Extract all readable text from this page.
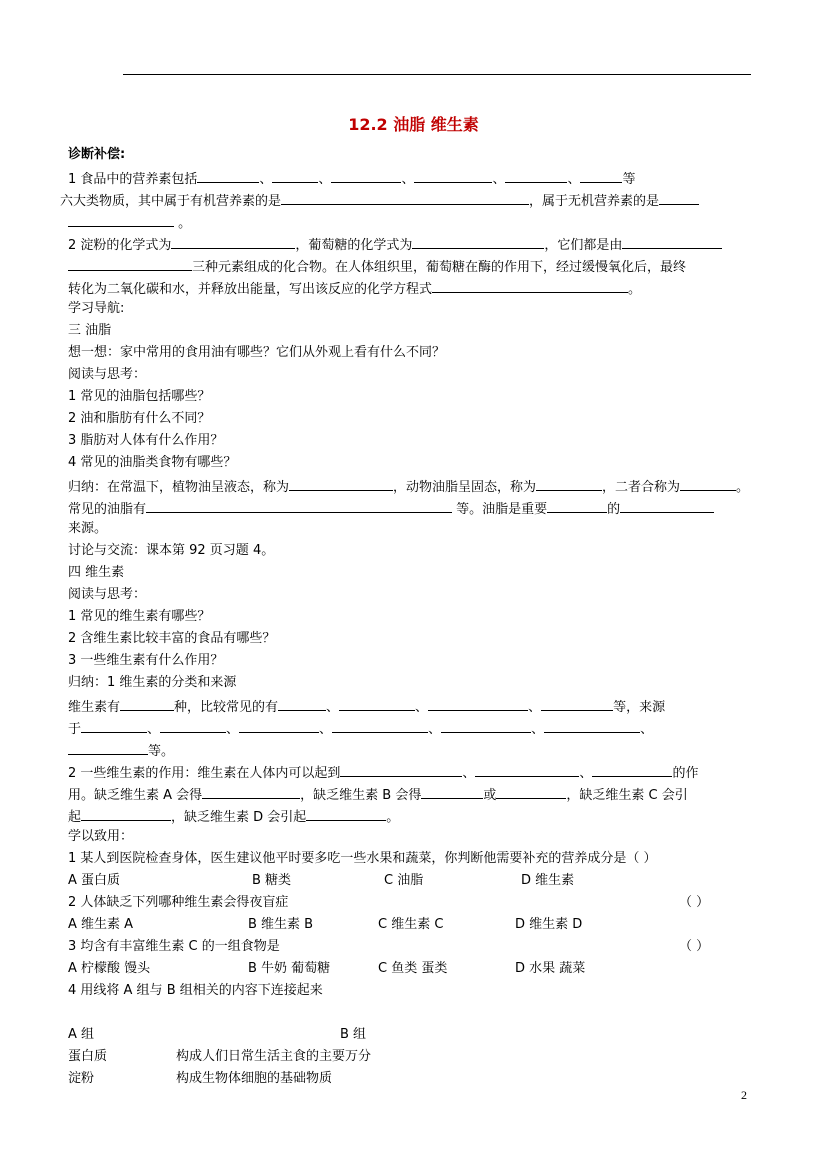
12.2 油脂 维生素
诊断补偿:
1 食品中的营养素包括	、	、	、	、	、	等
六大类物质，其中属于有机营养素的是	，属于无机营养素的是
。
2 淀粉的化学式为	，葡萄糖的化学式为	，它们都是由
三种元素组成的化合物。在人体组织里，葡萄糖在酶的作用下，经过缓慢氧化后，最终
转化为二氧化碳和水，并释放出能量，写出该反应的化学方程式	。
学习导航:
三 油脂
想一想：家中常用的食用油有哪些？它们从外观上看有什么不同？
阅读与思考：
1 常见的油脂包括哪些？
2 油和脂肪有什么不同？
3 脂肪对人体有什么作用？
4 常见的油脂类食物有哪些？
归纳：在常温下，植物油呈液态，称为	，动物油脂呈固态，称为	，二者合称为	。
常见的油脂有	等。油脂是重要	的
来源。
讨论与交流：课本第 92 页习题 4。
四 维生素
阅读与思考：
1 常见的维生素有哪些？
2 含维生素比较丰富的食品有哪些？
3 一些维生素有什么作用？
归纳：1 维生素的分类和来源
维生素有	种，比较常见的有	、	、	、	等，来源
于	、	、	、	、	、	、
等。
2 一些维生素的作用：维生素在人体内可以起到	、	、	的作
用。缺乏维生素 A 会得	，缺乏维生素 B 会得	或	，缺乏维生素 C 会引
起	，缺乏维生素 D 会引起	。
学以致用：
1 某人到医院检查身体，医生建议他平时要多吃一些水果和蔬菜，你判断他需要补充的营养成分是（ ）
A 蛋白质	B 糖类	C 油脂	D 维生素
2 人体缺乏下列哪种维生素会得夜盲症	（ ）
A 维生素 A	B 维生素 B	C 维生素 C	D 维生素 D
3 均含有丰富维生素 C 的一组食物是	（ ）
A 柠檬酸 馒头	B 牛奶 葡萄糖	C 鱼类 蛋类	D 水果 蔬菜
4 用线将 A 组与 B 组相关的内容下连接起来
A 组	B 组
蛋白质	构成人们日常生活主食的主要万分
淀粉	构成生物体细胞的基础物质
2
